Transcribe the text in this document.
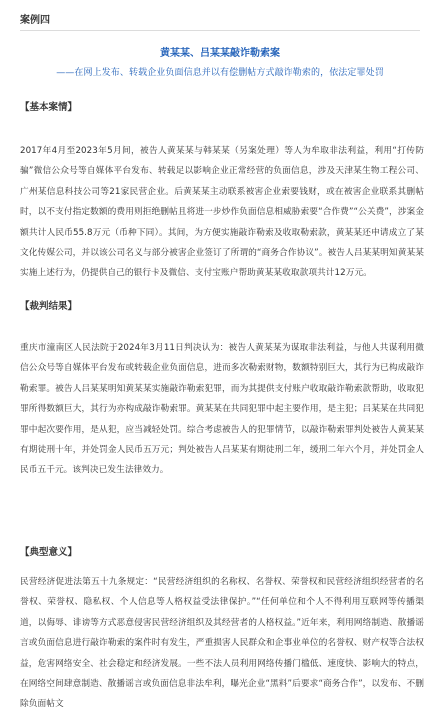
案例四
黄某某、吕某某敲诈勒索案
——在网上发布、转载企业负面信息并以有偿删帖方式敲诈勒索的，依法定罪处罚
【基本案情】
2017年4月至2023年5月间，被告人黄某某与韩某某（另案处理）等人为牟取非法利益，利用“打传防骗”微信公众号等自媒体平台发布、转载足以影响企业正常经营的负面信息，涉及天津某生物工程公司、广州某信息科技公司等21家民营企业。后黄某某主动联系被害企业索要钱财，或在被害企业联系其删帖时，以不支付指定数额的费用则拒绝删帖且将进一步炒作负面信息相威胁索要“合作费”“公关费”，涉案金额共计人民币55.8万元（币种下同）。其间，为方便实施敲诈勒索及收取勒索款，黄某某还申请成立了某文化传媒公司，并以该公司名义与部分被害企业签订了所谓的“商务合作协议”。被告人吕某某明知黄某某实施上述行为，仍提供自己的银行卡及微信、支付宝账户帮助黄某某收取款项共计12万元。
【裁判结果】
重庆市潼南区人民法院于2024年3月11日判决认为：被告人黄某某为谋取非法利益，与他人共谋利用微信公众号等自媒体平台发布或转载企业负面信息，进而多次勒索财物，数额特别巨大，其行为已构成敲诈勒索罪。被告人吕某某明知黄某某实施敲诈勒索犯罪，而为其提供支付账户收取敲诈勒索款帮助，收取犯罪所得数额巨大，其行为亦构成敲诈勒索罪。黄某某在共同犯罪中起主要作用，是主犯；吕某某在共同犯罪中起次要作用，是从犯，应当减轻处罚。综合考虑被告人的犯罪情节，以敲诈勒索罪判处被告人黄某某有期徒刑十年，并处罚金人民币五万元；判处被告人吕某某有期徒刑二年，缓刑二年六个月，并处罚金人民币五千元。该判决已发生法律效力。
【典型意义】
民营经济促进法第五十九条规定：“民营经济组织的名称权、名誉权、荣誉权和民营经济组织经营者的名誉权、荣誉权、隐私权、个人信息等人格权益受法律保护。”“任何单位和个人不得利用互联网等传播渠道，以侮辱、诽谤等方式恶意侵害民营经济组织及其经营者的人格权益。”近年来，利用网络制造、散播谣言或负面信息进行敲诈勒索的案件时有发生，严重损害人民群众和企事业单位的名誉权、财产权等合法权益，危害网络安全、社会稳定和经济发展。一些不法人员利用网络传播门槛低、速度快、影响大的特点，在网络空间肆意制造、散播谣言或负面信息非法牟利，曝光企业“黑料”后要求“商务合作”，以发布、不删除负面帖文
